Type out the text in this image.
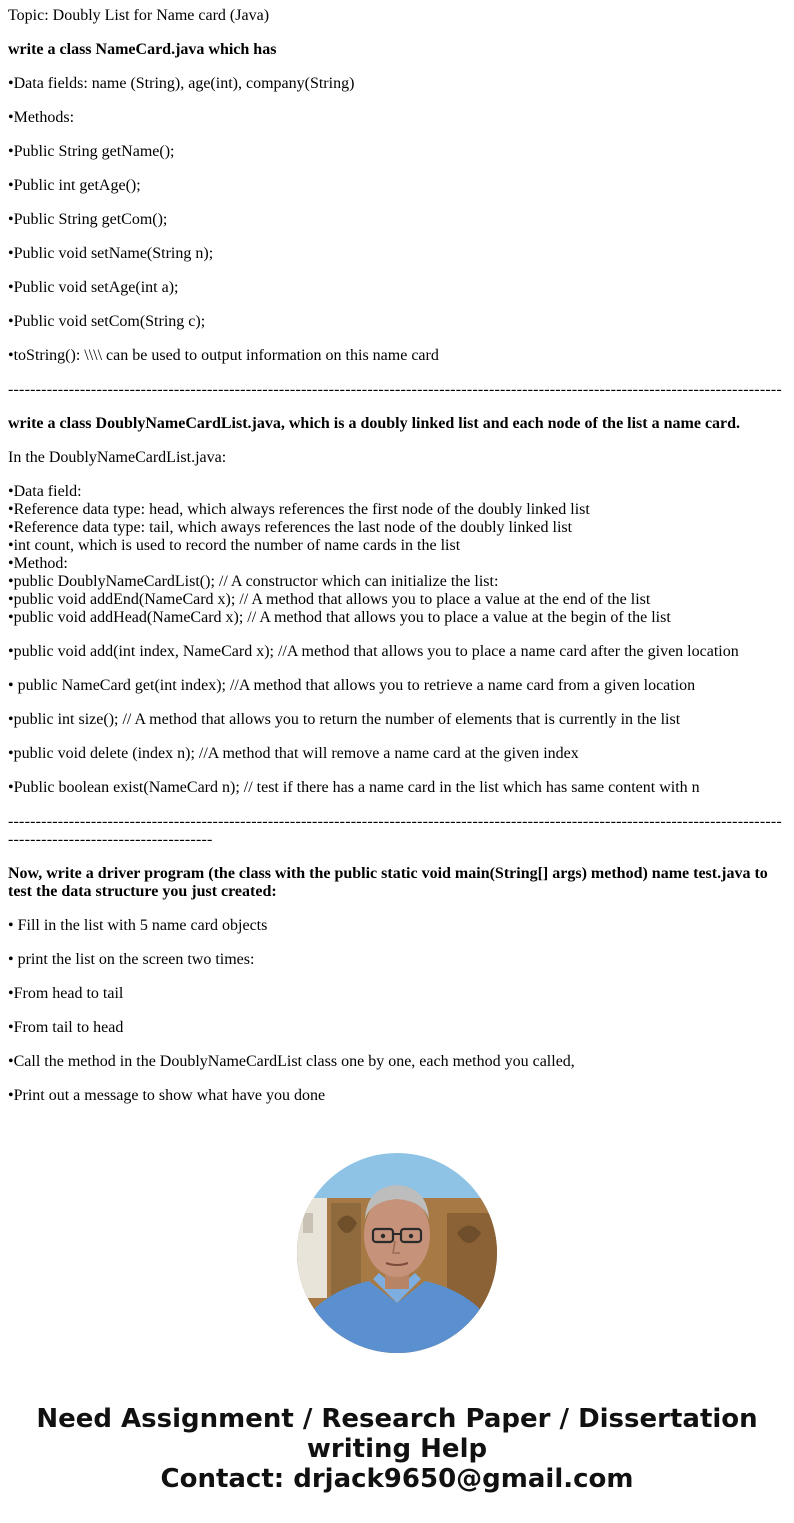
Topic: Doubly List for Name card (Java)
write a class NameCard.java which has
•Data fields: name (String), age(int), company(String)
•Methods:
•Public String getName();
•Public int getAge();
•Public String getCom();
•Public void setName(String n);
•Public void setAge(int a);
•Public void setCom(String c);
•toString(): \\\\ can be used to output information on this name card
--------------------------------------------------------------------------------------------------------------------------------------------
write a class DoublyNameCardList.java, which is a doubly linked list and each node of the list a name card.
In the DoublyNameCardList.java:
•Data field:
•Reference data type: head, which always references the first node of the doubly linked list
•Reference data type: tail, which aways references the last node of the doubly linked list
•int count, which is used to record the number of name cards in the list
•Method:
•public DoublyNameCardList(); // A constructor which can initialize the list:
•public void addEnd(NameCard x); // A method that allows you to place a value at the end of the list
•public void addHead(NameCard x); // A method that allows you to place a value at the begin of the list
•public void add(int index, NameCard x); //A method that allows you to place a name card after the given location
• public NameCard get(int index); //A method that allows you to retrieve a name card from a given location
•public int size(); // A method that allows you to return the number of elements that is currently in the list
•public void delete (index n); //A method that will remove a name card at the given index
•Public boolean exist(NameCard n); // test if there has a name card in the list which has same content with n
---------------------------------------------------------------------------------------------------------------------------------------------------------------------------------
Now, write a driver program (the class with the public static void main(String[] args) method) name test.java to test the data structure you just created:
• Fill in the list with 5 name card objects
• print the list on the screen two times:
•From head to tail
•From tail to head
•Call the method in the DoublyNameCardList class one by one, each method you called,
•Print out a message to show what have you done
Need Assignment / Research Paper / Dissertation writing Help
Contact: drjack9650@gmail.com
